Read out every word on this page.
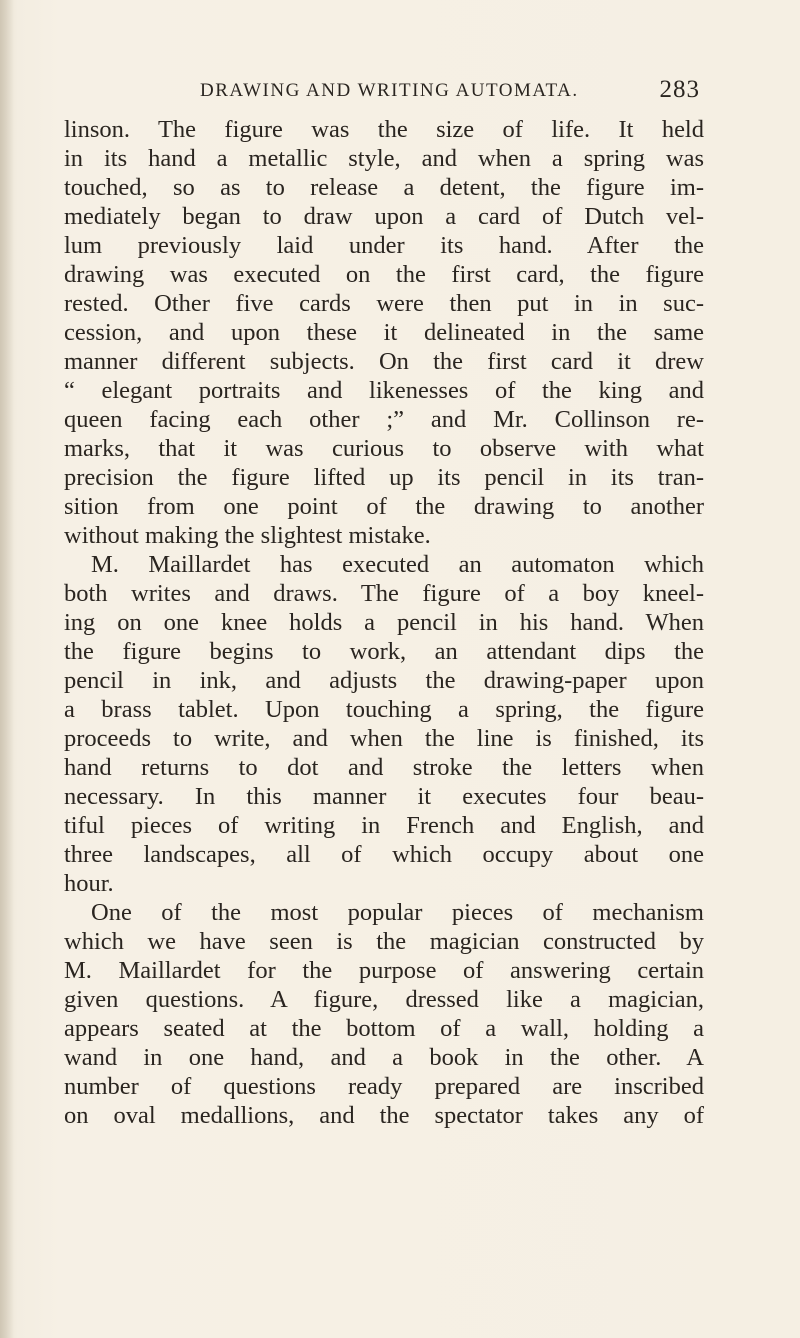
DRAWING AND WRITING AUTOMATA.	283
linson. The figure was the size of life. It held
in its hand a metallic style, and when a spring was
touched, so as to release a detent, the figure im-
mediately began to draw upon a card of Dutch vel-
lum previously laid under its hand. After the
drawing was executed on the first card, the figure
rested. Other five cards were then put in in suc-
cession, and upon these it delineated in the same
manner different subjects. On the first card it drew
“ elegant portraits and likenesses of the king and
queen facing each other ;” and Mr. Collinson re-
marks, that it was curious to observe with what
precision the figure lifted up its pencil in its tran-
sition from one point of the drawing to another
without making the slightest mistake.
M. Maillardet has executed an automaton which
both writes and draws. The figure of a boy kneel-
ing on one knee holds a pencil in his hand. When
the figure begins to work, an attendant dips the
pencil in ink, and adjusts the drawing-paper upon
a brass tablet. Upon touching a spring, the figure
proceeds to write, and when the line is finished, its
hand returns to dot and stroke the letters when
necessary. In this manner it executes four beau-
tiful pieces of writing in French and English, and
three landscapes, all of which occupy about one
hour.
One of the most popular pieces of mechanism
which we have seen is the magician constructed by
M. Maillardet for the purpose of answering certain
given questions. A figure, dressed like a magician,
appears seated at the bottom of a wall, holding a
wand in one hand, and a book in the other. A
number of questions ready prepared are inscribed
on oval medallions, and the spectator takes any of
